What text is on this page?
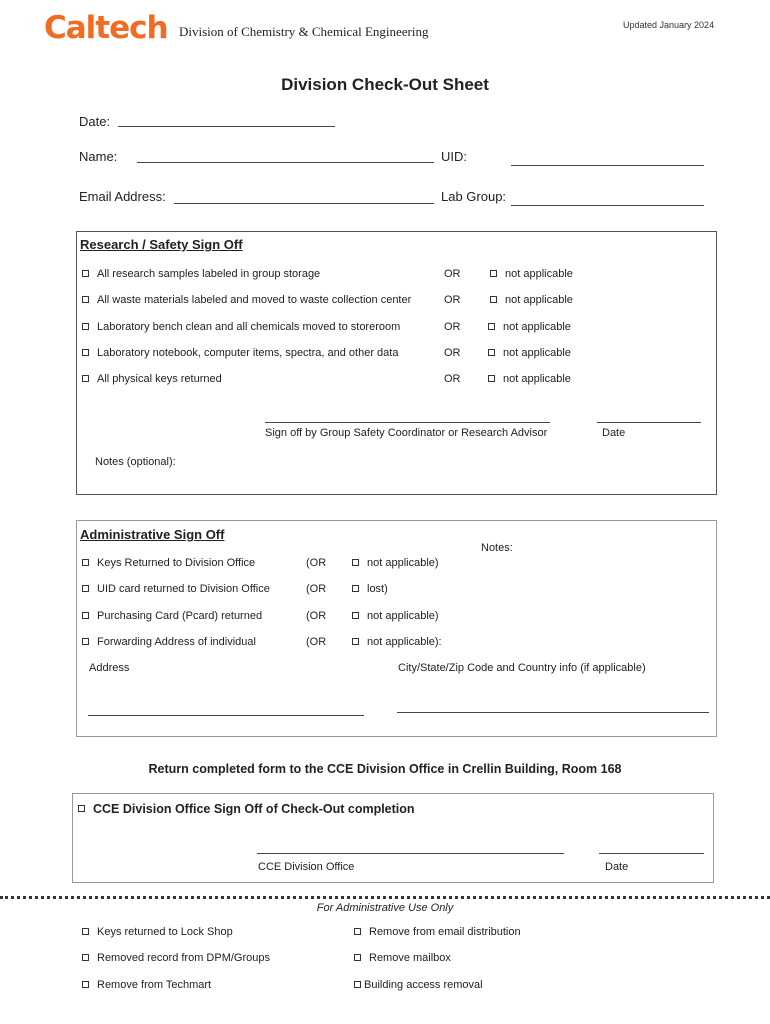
Caltech Division of Chemistry & Chemical Engineering	Updated January 2024
Division Check-Out Sheet
Date:
Name:	UID:
Email Address:	Lab Group:
Research / Safety Sign Off
All research samples labeled in group storage	OR	not applicable
All waste materials labeled and moved to waste collection center	OR	not applicable
Laboratory bench clean and all chemicals moved to storeroom	OR	not applicable
Laboratory notebook, computer items, spectra, and other data	OR	not applicable
All physical keys returned	OR	not applicable
Sign off by Group Safety Coordinator or Research Advisor	Date
Notes (optional):
Administrative Sign Off
Notes:
Keys Returned to Division Office	(OR	not applicable)
UID card returned to Division Office	(OR	lost)
Purchasing Card (Pcard) returned	(OR	not applicable)
Forwarding Address of individual	(OR	not applicable):
Address	City/State/Zip Code and Country info (if applicable)
Return completed form to the CCE Division Office in Crellin Building, Room 168
CCE Division Office Sign Off of Check-Out completion
CCE Division Office	Date
For Administrative Use Only
Keys returned to Lock Shop	Remove from email distribution
Removed record from DPM/Groups	Remove mailbox
Remove from Techmart	Building access removal
